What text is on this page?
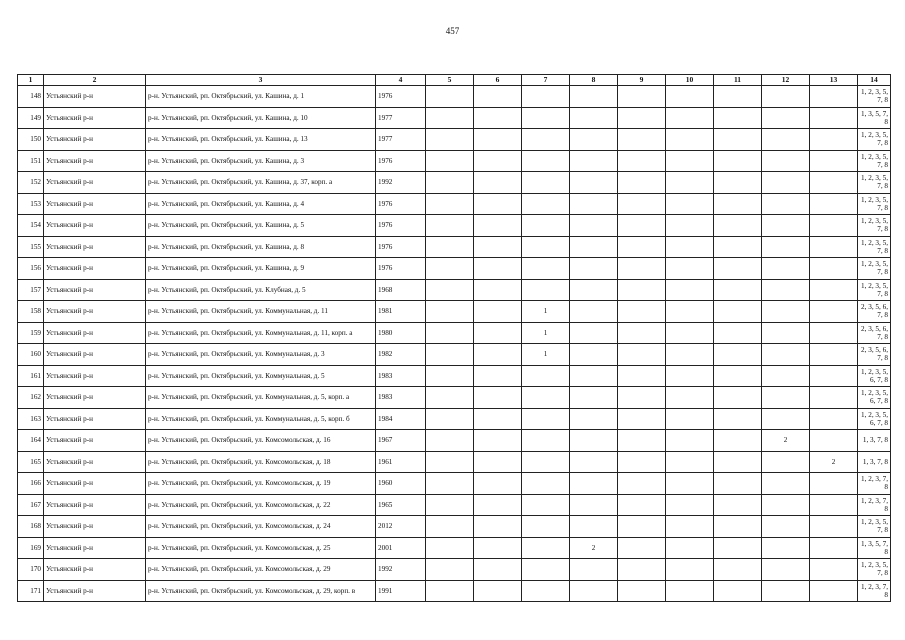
457
1	2	3	4	5	6	7	8	9	10	11	12	13	14
148	Устьянский р-н	р-н. Устьянский, рп. Октябрьский, ул. Кашина, д. 1	1976										1, 2, 3, 5, 7, 8
149	Устьянский р-н	р-н. Устьянский, рп. Октябрьский, ул. Кашина, д. 10	1977										1, 3, 5, 7, 8
150	Устьянский р-н	р-н. Устьянский, рп. Октябрьский, ул. Кашина, д. 13	1977										1, 2, 3, 5, 7, 8
151	Устьянский р-н	р-н. Устьянский, рп. Октябрьский, ул. Кашина, д. 3	1976										1, 2, 3, 5, 7, 8
152	Устьянский р-н	р-н. Устьянский, рп. Октябрьский, ул. Кашина, д. 37, корп. а	1992										1, 2, 3, 5, 7, 8
153	Устьянский р-н	р-н. Устьянский, рп. Октябрьский, ул. Кашина, д. 4	1976										1, 2, 3, 5, 7, 8
154	Устьянский р-н	р-н. Устьянский, рп. Октябрьский, ул. Кашина, д. 5	1976										1, 2, 3, 5, 7, 8
155	Устьянский р-н	р-н. Устьянский, рп. Октябрьский, ул. Кашина, д. 8	1976										1, 2, 3, 5, 7, 8
156	Устьянский р-н	р-н. Устьянский, рп. Октябрьский, ул. Кашина, д. 9	1976										1, 2, 3, 5, 7, 8
157	Устьянский р-н	р-н. Устьянский, рп. Октябрьский, ул. Клубная, д. 5	1968										1, 2, 3, 5, 7, 8
158	Устьянский р-н	р-н. Устьянский, рп. Октябрьский, ул. Коммунальная, д. 11	1981			1							2, 3, 5, 6, 7, 8
159	Устьянский р-н	р-н. Устьянский, рп. Октябрьский, ул. Коммунальная, д. 11, корп. а	1980			1							2, 3, 5, 6, 7, 8
160	Устьянский р-н	р-н. Устьянский, рп. Октябрьский, ул. Коммунальная, д. 3	1982			1							2, 3, 5, 6, 7, 8
161	Устьянский р-н	р-н. Устьянский, рп. Октябрьский, ул. Коммунальная, д. 5	1983										1, 2, 3, 5, 6, 7, 8
162	Устьянский р-н	р-н. Устьянский, рп. Октябрьский, ул. Коммунальная, д. 5, корп. а	1983										1, 2, 3, 5, 6, 7, 8
163	Устьянский р-н	р-н. Устьянский, рп. Октябрьский, ул. Коммунальная, д. 5, корп. б	1984										1, 2, 3, 5, 6, 7, 8
164	Устьянский р-н	р-н. Устьянский, рп. Октябрьский, ул. Комсомольская, д. 16	1967								2		1, 3, 7, 8
165	Устьянский р-н	р-н. Устьянский, рп. Октябрьский, ул. Комсомольская, д. 18	1961									2	1, 3, 7, 8
166	Устьянский р-н	р-н. Устьянский, рп. Октябрьский, ул. Комсомольская, д. 19	1960										1, 2, 3, 7, 8
167	Устьянский р-н	р-н. Устьянский, рп. Октябрьский, ул. Комсомольская, д. 22	1965										1, 2, 3, 7, 8
168	Устьянский р-н	р-н. Устьянский, рп. Октябрьский, ул. Комсомольская, д. 24	2012										1, 2, 3, 5, 7, 8
169	Устьянский р-н	р-н. Устьянский, рп. Октябрьский, ул. Комсомольская, д. 25	2001				2						1, 3, 5, 7, 8
170	Устьянский р-н	р-н. Устьянский, рп. Октябрьский, ул. Комсомольская, д. 29	1992										1, 2, 3, 5, 7, 8
171	Устьянский р-н	р-н. Устьянский, рп. Октябрьский, ул. Комсомольская, д. 29, корп. в	1991										1, 2, 3, 7, 8
